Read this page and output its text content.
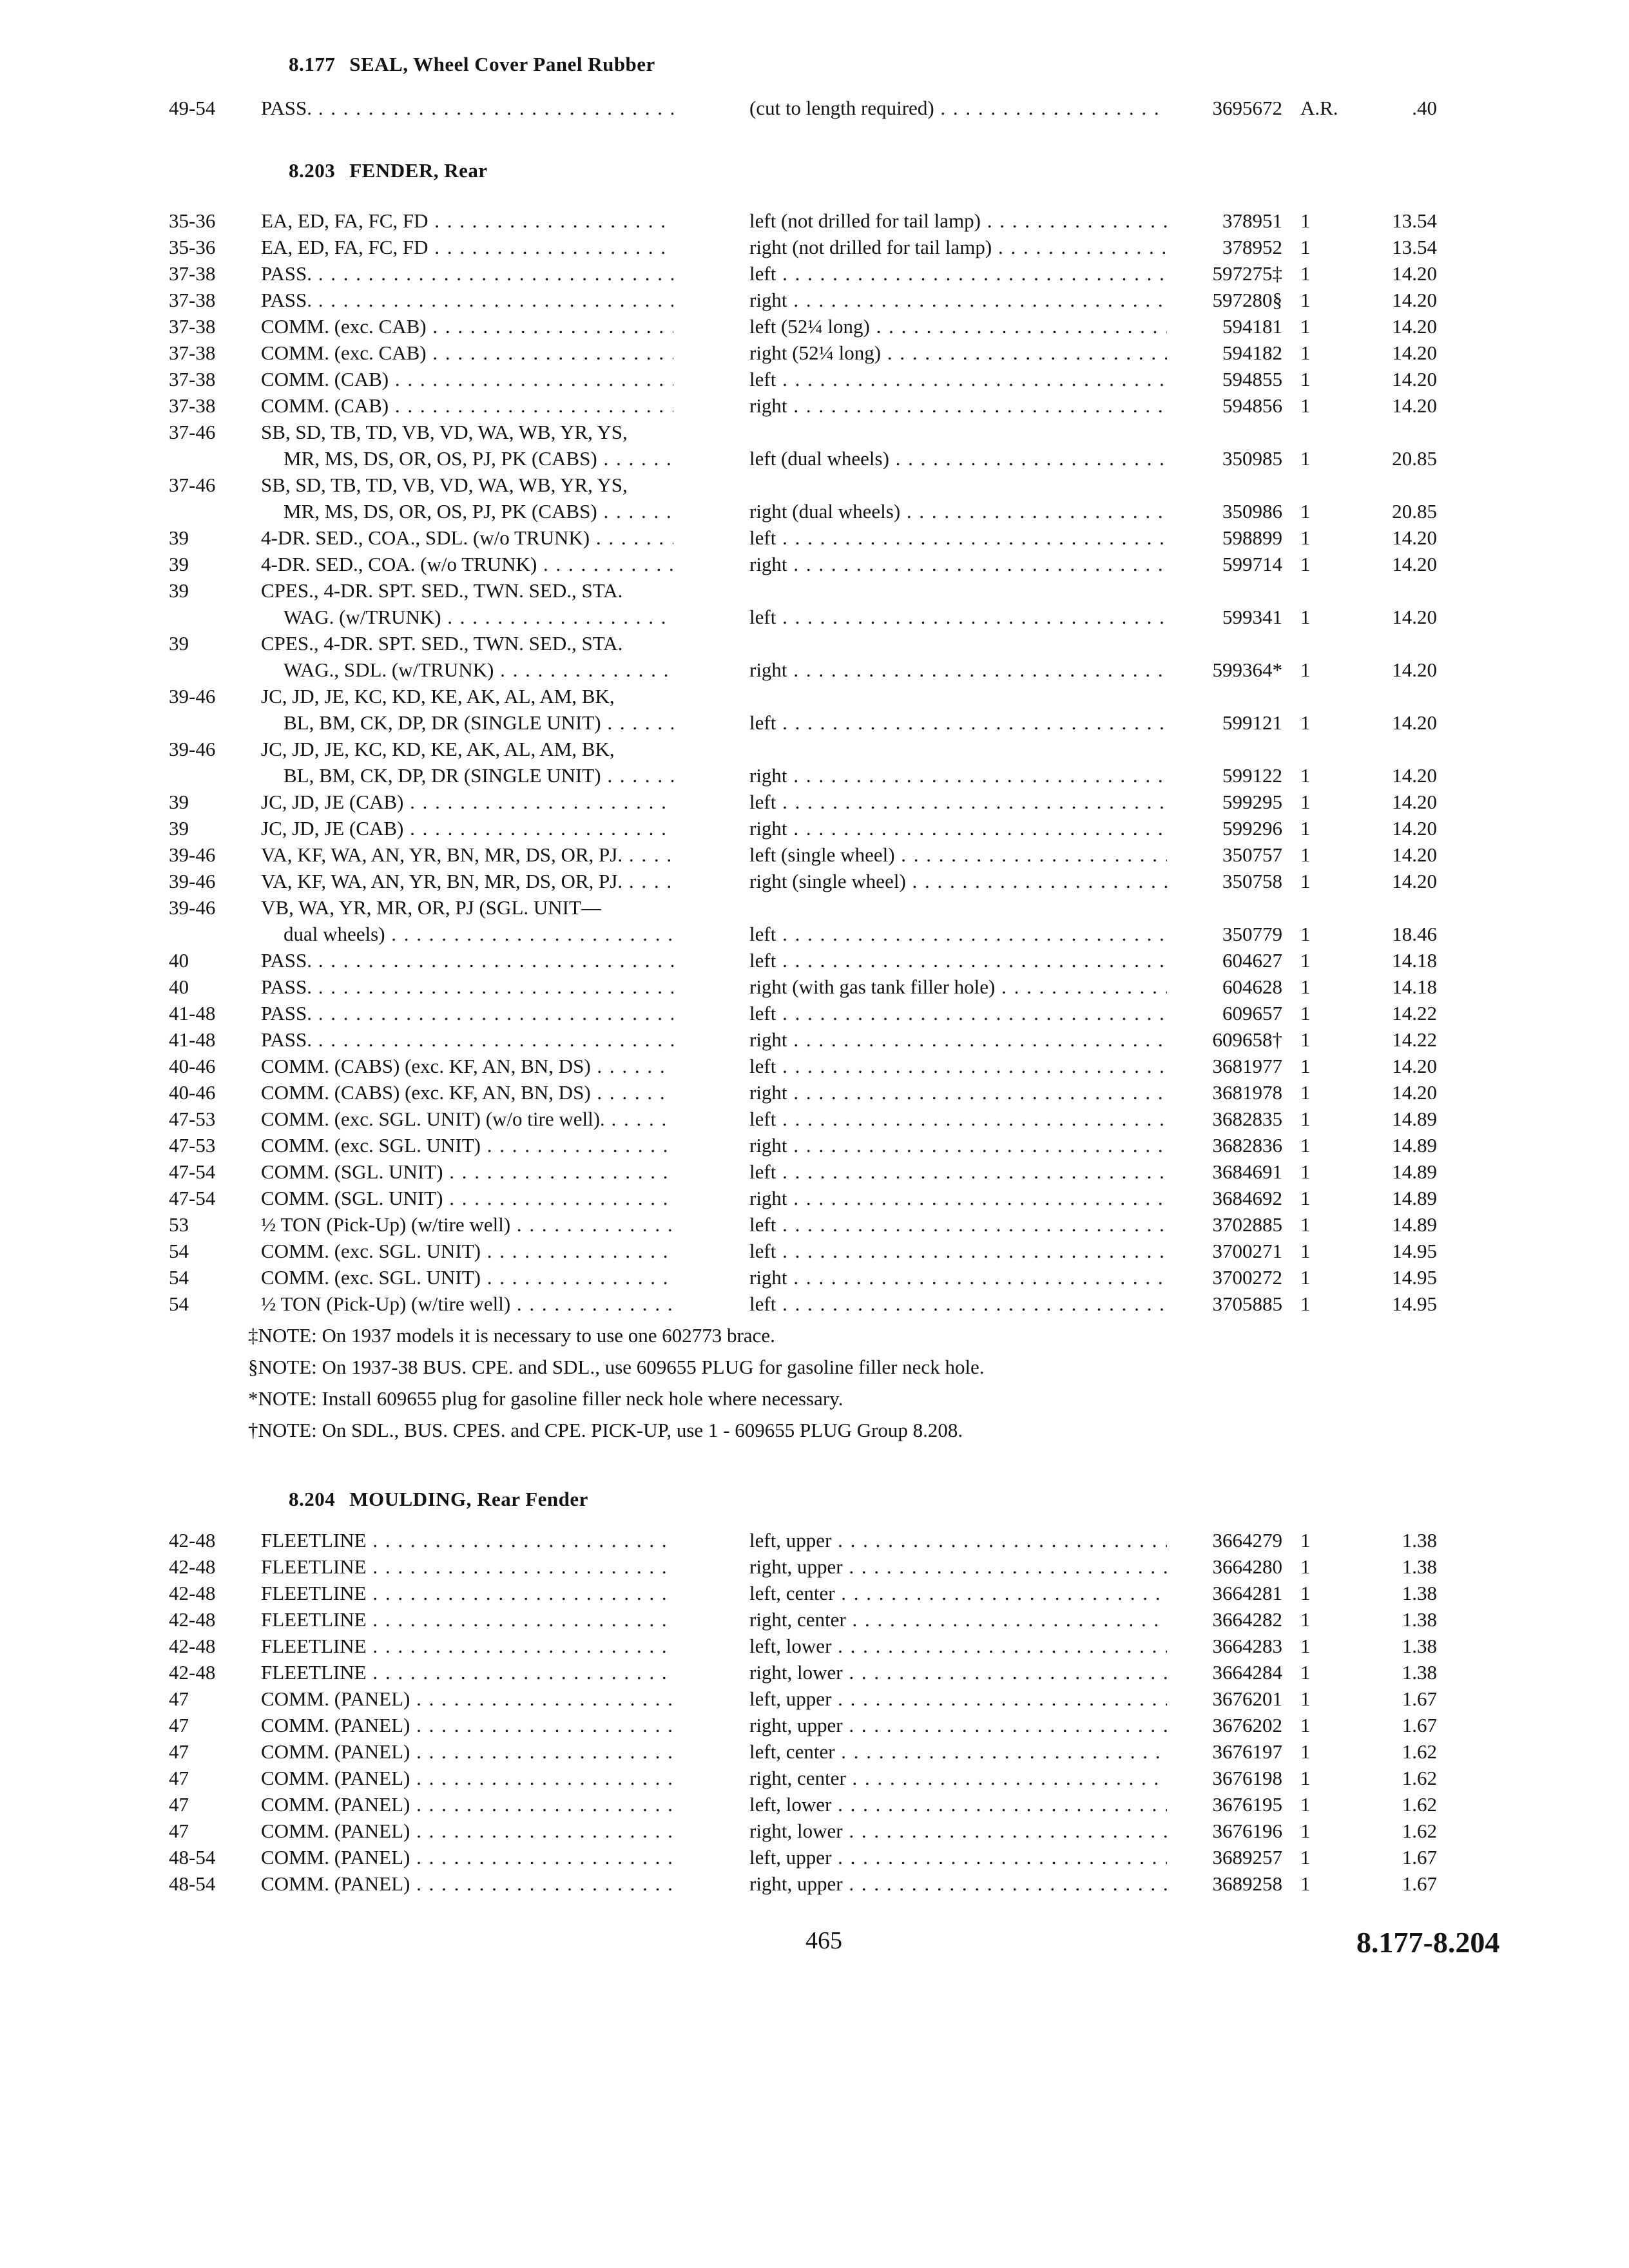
8.177 SEAL, Wheel Cover Panel Rubber
49-54 PASS. . . .	(cut to length required) . . .	3695672 A.R.	.40
8.203 FENDER, Rear
35-36 EA, ED, FA, FC, FD . . .	left (not drilled for tail lamp) . . .	378951 1	13.54
35-36 EA, ED, FA, FC, FD . . .	right (not drilled for tail lamp) . . .	378952 1	13.54
37-38 PASS. . . .	left . . .	597275‡ 1	14.20
37-38 PASS. . . .	right . . .	597280§ 1	14.20
37-38 COMM. (exc. CAB) . . .	left (52¼ long) . . .	594181 1	14.20
37-38 COMM. (exc. CAB) . . .	right (52¼ long) . . .	594182 1	14.20
37-38 COMM. (CAB) . . .	left . . .	594855 1	14.20
37-38 COMM. (CAB) . . .	right . . .	594856 1	14.20
37-46 SB, SD, TB, TD, VB, VD, WA, WB, YR, YS,
MR, MS, DS, OR, OS, PJ, PK (CABS) . . .	left (dual wheels) . . .	350985 1	20.85
37-46 SB, SD, TB, TD, VB, VD, WA, WB, YR, YS,
MR, MS, DS, OR, OS, PJ, PK (CABS) . . .	right (dual wheels) . . .	350986 1	20.85
39	4-DR. SED., COA., SDL. (w/o TRUNK) . . .	left . . .	598899 1	14.20
39	4-DR. SED., COA. (w/o TRUNK) . . .	right . . .	599714 1	14.20
39	CPES., 4-DR. SPT. SED., TWN. SED., STA.
WAG. (w/TRUNK) . . .	left . . .	599341 1	14.20
39	CPES., 4-DR. SPT. SED., TWN. SED., STA.
WAG., SDL. (w/TRUNK) . . .	right . . .	599364* 1	14.20
39-46 JC, JD, JE, KC, KD, KE, AK, AL, AM, BK,
BL, BM, CK, DP, DR (SINGLE UNIT) . . .	left . . .	599121 1	14.20
39-46 JC, JD, JE, KC, KD, KE, AK, AL, AM, BK,
BL, BM, CK, DP, DR (SINGLE UNIT) . . .	right . . .	599122 1	14.20
39	JC, JD, JE (CAB) . . .	left . . .	599295 1	14.20
39	JC, JD, JE (CAB) . . .	right . . .	599296 1	14.20
39-46 VA, KF, WA, AN, YR, BN, MR, DS, OR, PJ. . . .	left (single wheel) . . .	350757 1	14.20
39-46 VA, KF, WA, AN, YR, BN, MR, DS, OR, PJ. . . .	right (single wheel) . . .	350758 1	14.20
39-46 VB, WA, YR, MR, OR, PJ (SGL. UNIT—
dual wheels) . . .	left . . .	350779 1	18.46
40	PASS. . . .	left . . .	604627 1	14.18
40	PASS. . . .	right (with gas tank filler hole) . . .	604628 1	14.18
41-48 PASS. . . .	left . . .	609657 1	14.22
41-48 PASS. . . .	right . . .	609658† 1	14.22
40-46 COMM. (CABS) (exc. KF, AN, BN, DS) . . .	left . . .	3681977 1	14.20
40-46 COMM. (CABS) (exc. KF, AN, BN, DS) . . .	right . . .	3681978 1	14.20
47-53 COMM. (exc. SGL. UNIT) (w/o tire well). . . .	left . . .	3682835 1	14.89
47-53 COMM. (exc. SGL. UNIT) . . .	right . . .	3682836 1	14.89
47-54 COMM. (SGL. UNIT) . . .	left . . .	3684691 1	14.89
47-54 COMM. (SGL. UNIT) . . .	right . . .	3684692 1	14.89
53	½ TON (Pick-Up) (w/tire well) . . .	left . . .	3702885 1	14.89
54	COMM. (exc. SGL. UNIT) . . .	left . . .	3700271 1	14.95
54	COMM. (exc. SGL. UNIT) . . .	right . . .	3700272 1	14.95
54	½ TON (Pick-Up) (w/tire well) . . .	left . . .	3705885 1	14.95
‡NOTE: On 1937 models it is necessary to use one 602773 brace.
§NOTE: On 1937-38 BUS. CPE. and SDL., use 609655 PLUG for gasoline filler neck hole.
*NOTE: Install 609655 plug for gasoline filler neck hole where necessary.
†NOTE: On SDL., BUS. CPES. and CPE. PICK-UP, use 1 - 609655 PLUG Group 8.208.
8.204 MOULDING, Rear Fender
42-48 FLEETLINE . . .	left, upper . . .	3664279 1	1.38
42-48 FLEETLINE . . .	right, upper . . .	3664280 1	1.38
42-48 FLEETLINE . . .	left, center . . .	3664281 1	1.38
42-48 FLEETLINE . . .	right, center . . .	3664282 1	1.38
42-48 FLEETLINE . . .	left, lower . . .	3664283 1	1.38
42-48 FLEETLINE . . .	right, lower . . .	3664284 1	1.38
47	COMM. (PANEL) . . .	left, upper . . .	3676201 1	1.67
47	COMM. (PANEL) . . .	right, upper . . .	3676202 1	1.67
47	COMM. (PANEL) . . .	left, center . . .	3676197 1	1.62
47	COMM. (PANEL) . . .	right, center . . .	3676198 1	1.62
47	COMM. (PANEL) . . .	left, lower . . .	3676195 1	1.62
47	COMM. (PANEL) . . .	right, lower . . .	3676196 1	1.62
48-54 COMM. (PANEL) . . .	left, upper . . .	3689257 1	1.67
48-54 COMM. (PANEL) . . .	right, upper . . .	3689258 1	1.67
465	8.177-8.204
